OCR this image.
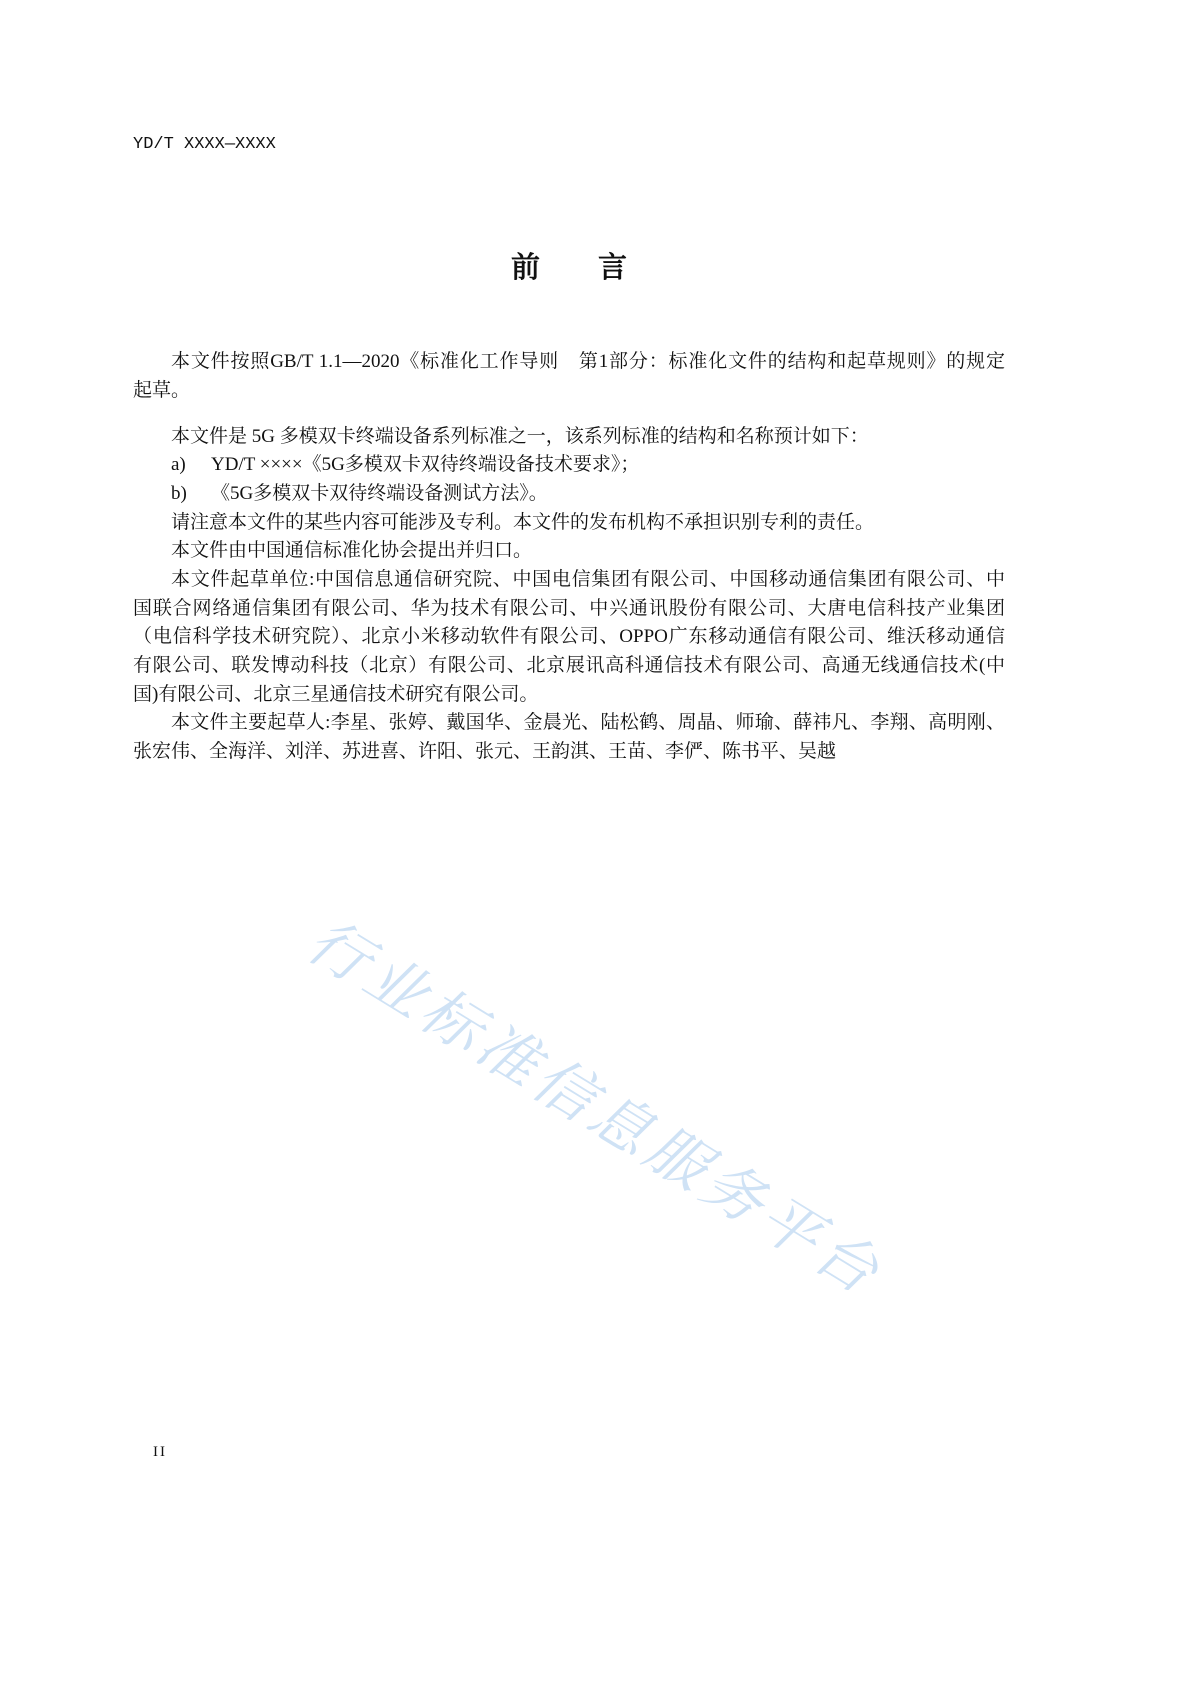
YD/T XXXX—XXXX
前　　言
本文件按照GB/T 1.1—2020《标准化工作导则　第1部分：标准化文件的结构和起草规则》的规定
起草。
本文件是 5G 多模双卡终端设备系列标准之一，该系列标准的结构和名称预计如下：
a) YD/T ××××《5G多模双卡双待终端设备技术要求》；
b) 《5G多模双卡双待终端设备测试方法》。
请注意本文件的某些内容可能涉及专利。本文件的发布机构不承担识别专利的责任。
本文件由中国通信标准化协会提出并归口。
本文件起草单位:中国信息通信研究院、中国电信集团有限公司、中国移动通信集团有限公司、中
国联合网络通信集团有限公司、华为技术有限公司、中兴通讯股份有限公司、大唐电信科技产业集团
（电信科学技术研究院）、北京小米移动软件有限公司、OPPO广东移动通信有限公司、维沃移动通信
有限公司、联发博动科技（北京）有限公司、北京展讯高科通信技术有限公司、高通无线通信技术(中
国)有限公司、北京三星通信技术研究有限公司。
本文件主要起草人:李星、张婷、戴国华、金晨光、陆松鹤、周晶、师瑜、薛祎凡、李翔、高明刚、
张宏伟、全海洋、刘洋、苏进喜、许阳、张元、王韵淇、王苗、李俨、陈书平、吴越
行业标准信息服务平台
II
